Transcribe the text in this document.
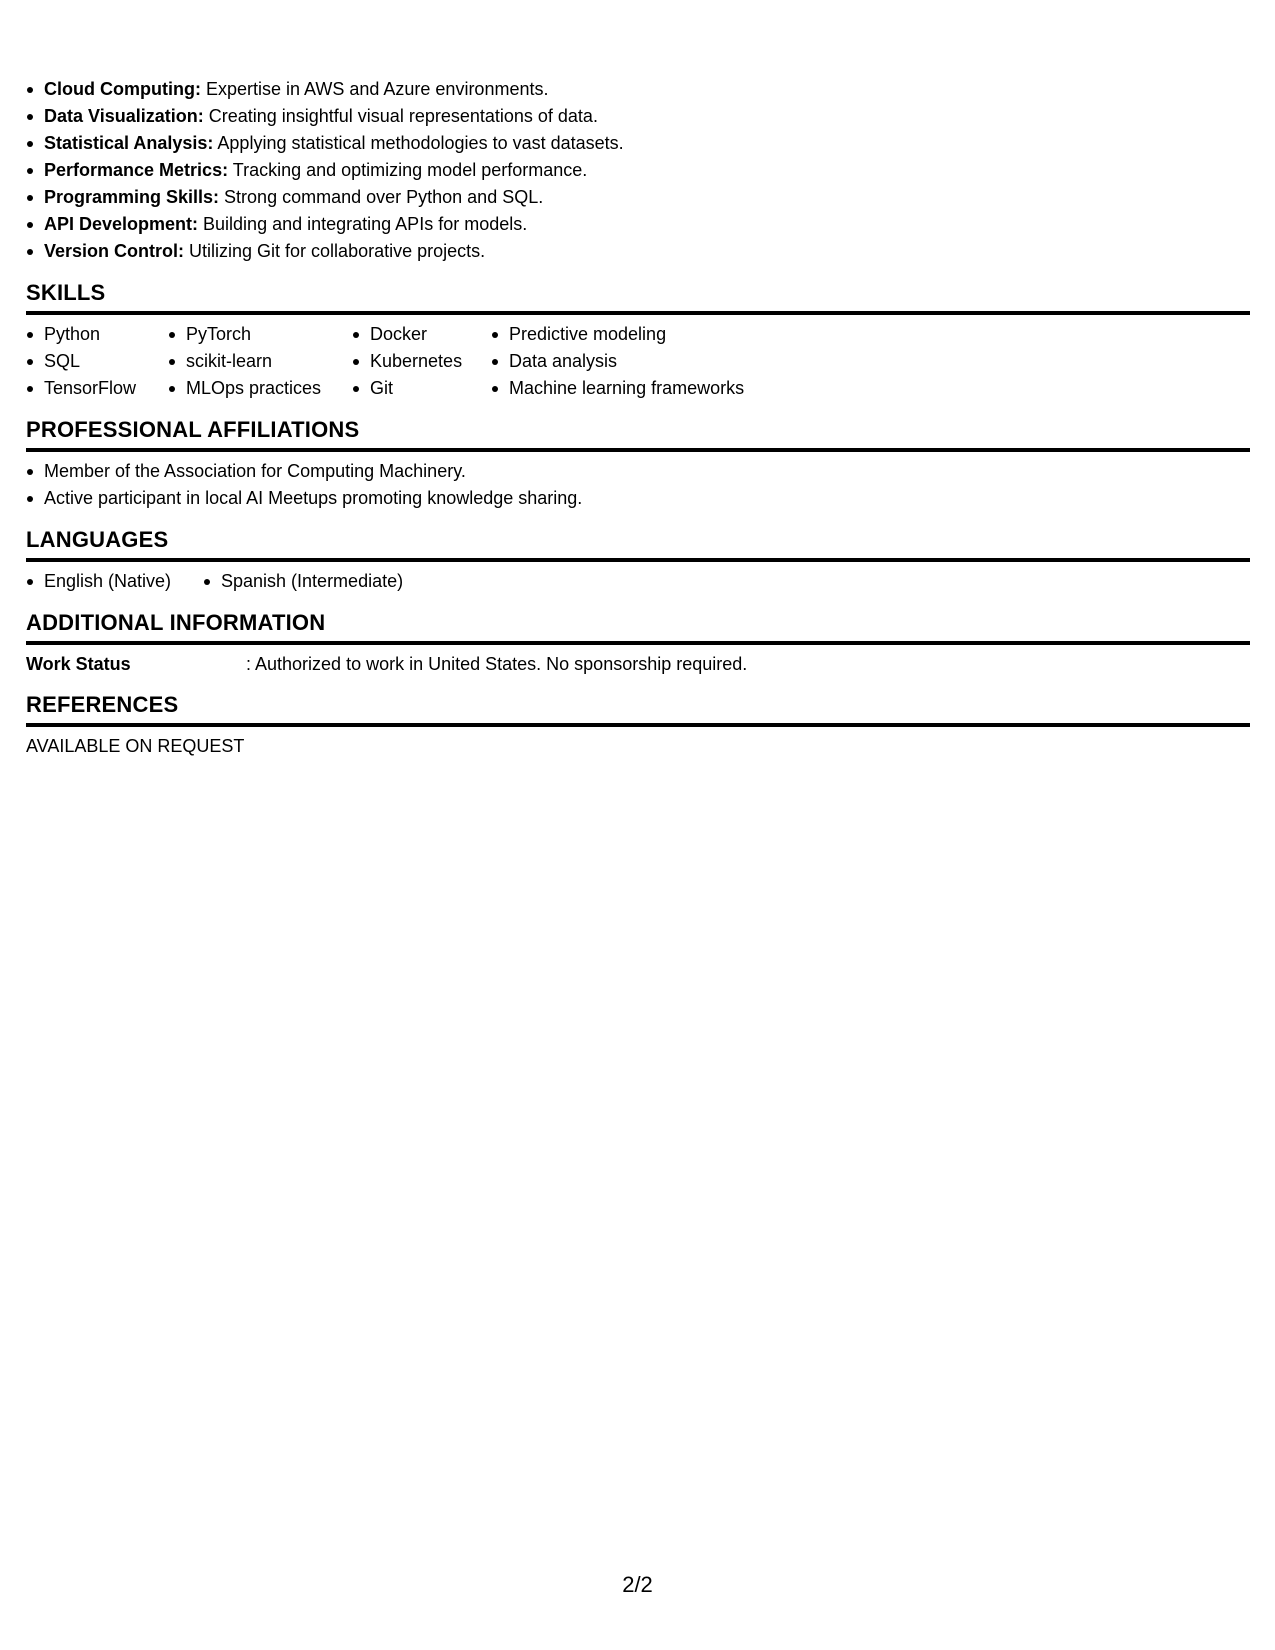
Cloud Computing: Expertise in AWS and Azure environments.
Data Visualization: Creating insightful visual representations of data.
Statistical Analysis: Applying statistical methodologies to vast datasets.
Performance Metrics: Tracking and optimizing model performance.
Programming Skills: Strong command over Python and SQL.
API Development: Building and integrating APIs for models.
Version Control: Utilizing Git for collaborative projects.
SKILLS
Python
SQL
TensorFlow
PyTorch
scikit-learn
MLOps practices
Docker
Kubernetes
Git
Predictive modeling
Data analysis
Machine learning frameworks
PROFESSIONAL AFFILIATIONS
Member of the Association for Computing Machinery.
Active participant in local AI Meetups promoting knowledge sharing.
LANGUAGES
English (Native)	Spanish (Intermediate)
ADDITIONAL INFORMATION
Work Status	: Authorized to work in United States. No sponsorship required.
REFERENCES
AVAILABLE ON REQUEST
2/2
